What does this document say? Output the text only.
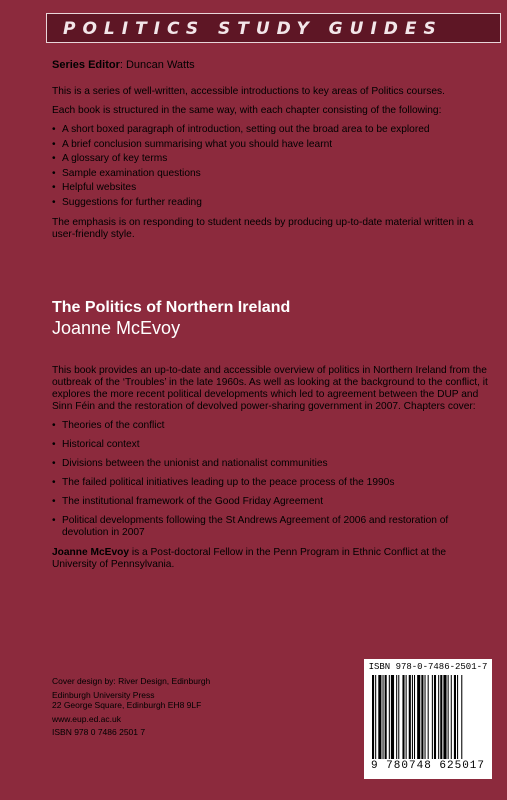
POLITICS STUDY GUIDES
Series Editor: Duncan Watts

This is a series of well-written, accessible introductions to key areas of Politics courses.

Each book is structured in the same way, with each chapter consisting of the following:

• A short boxed paragraph of introduction, setting out the broad area to be explored
• A brief conclusion summarising what you should have learnt
• A glossary of key terms
• Sample examination questions
• Helpful websites
• Suggestions for further reading

The emphasis is on responding to student needs by producing up-to-date material written in a user-friendly style.

The Politics of Northern Ireland
Joanne McEvoy

This book provides an up-to-date and accessible overview of politics in Northern Ireland from the outbreak of the ‘Troubles’ in the late 1960s. As well as looking at the background to the conflict, it explores the more recent political developments which led to agreement between the DUP and Sinn Féin and the restoration of devolved power-sharing government in 2007. Chapters cover:

• Theories of the conflict
• Historical context
• Divisions between the unionist and nationalist communities
• The failed political initiatives leading up to the peace process of the 1990s
• The institutional framework of the Good Friday Agreement
• Political developments following the St Andrews Agreement of 2006 and restoration of devolution in 2007

Joanne McEvoy is a Post-doctoral Fellow in the Penn Program in Ethnic Conflict at the University of Pennsylvania.

Cover design by: River Design, Edinburgh
Edinburgh University Press
22 George Square, Edinburgh EH8 9LF
www.eup.ed.ac.uk
ISBN 978 0 7486 2501 7
ISBN 978-0-7486-2501-7
9 780748 625017
